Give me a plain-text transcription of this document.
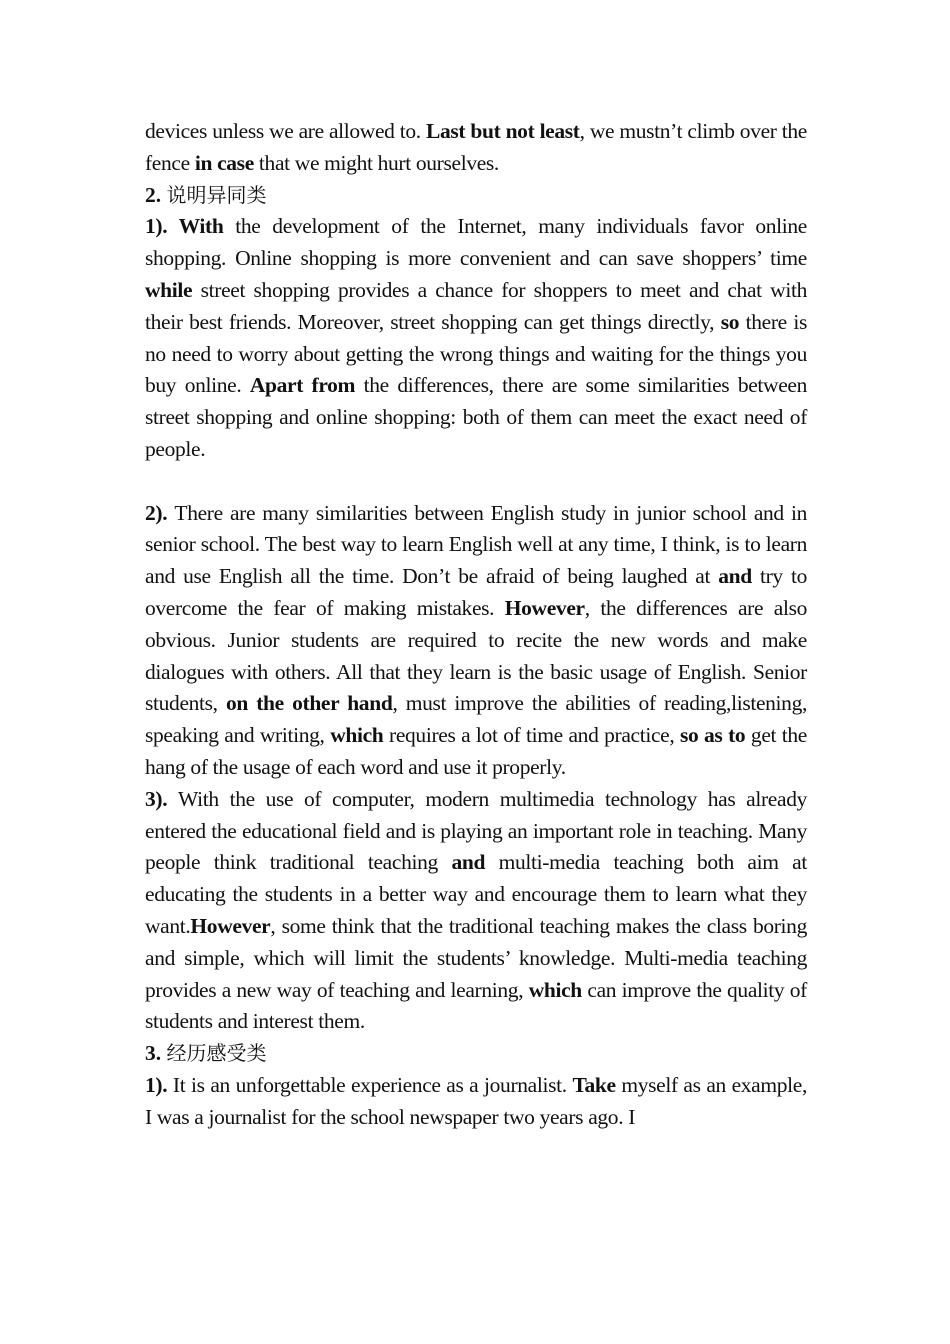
devices unless we are allowed to. Last but not least, we mustn’t climb over the fence in case that we might hurt ourselves.

2. 说明异同类

1). With the development of the Internet, many individuals favor online shopping. Online shopping is more convenient and can save shoppers’ time while street shopping provides a chance for shoppers to meet and chat with their best friends. Moreover, street shopping can get things directly, so there is no need to worry about getting the wrong things and waiting for the things you buy online. Apart from the differences, there are some similarities between street shopping and online shopping: both of them can meet the exact need of people.

2). There are many similarities between English study in junior school and in senior school. The best way to learn English well at any time, I think, is to learn and use English all the time. Don’t be afraid of being laughed at and try to overcome the fear of making mistakes. However, the differences are also obvious. Junior students are required to recite the new words and make dialogues with others. All that they learn is the basic usage of English. Senior students, on the other hand, must improve the abilities of reading,listening, speaking and writing, which requires a lot of time and practice, so as to get the hang of the usage of each word and use it properly.

3). With the use of computer, modern multimedia technology has already entered the educational field and is playing an important role in teaching. Many people think traditional teaching and multi-media teaching both aim at educating the students in a better way and encourage them to learn what they want.However, some think that the traditional teaching makes the class boring and simple, which will limit the students’ knowledge. Multi-media teaching provides a new way of teaching and learning, which can improve the quality of students and interest them.

3. 经历感受类

1). It is an unforgettable experience as a journalist. Take myself as an example, I was a journalist for the school newspaper two years ago. I
